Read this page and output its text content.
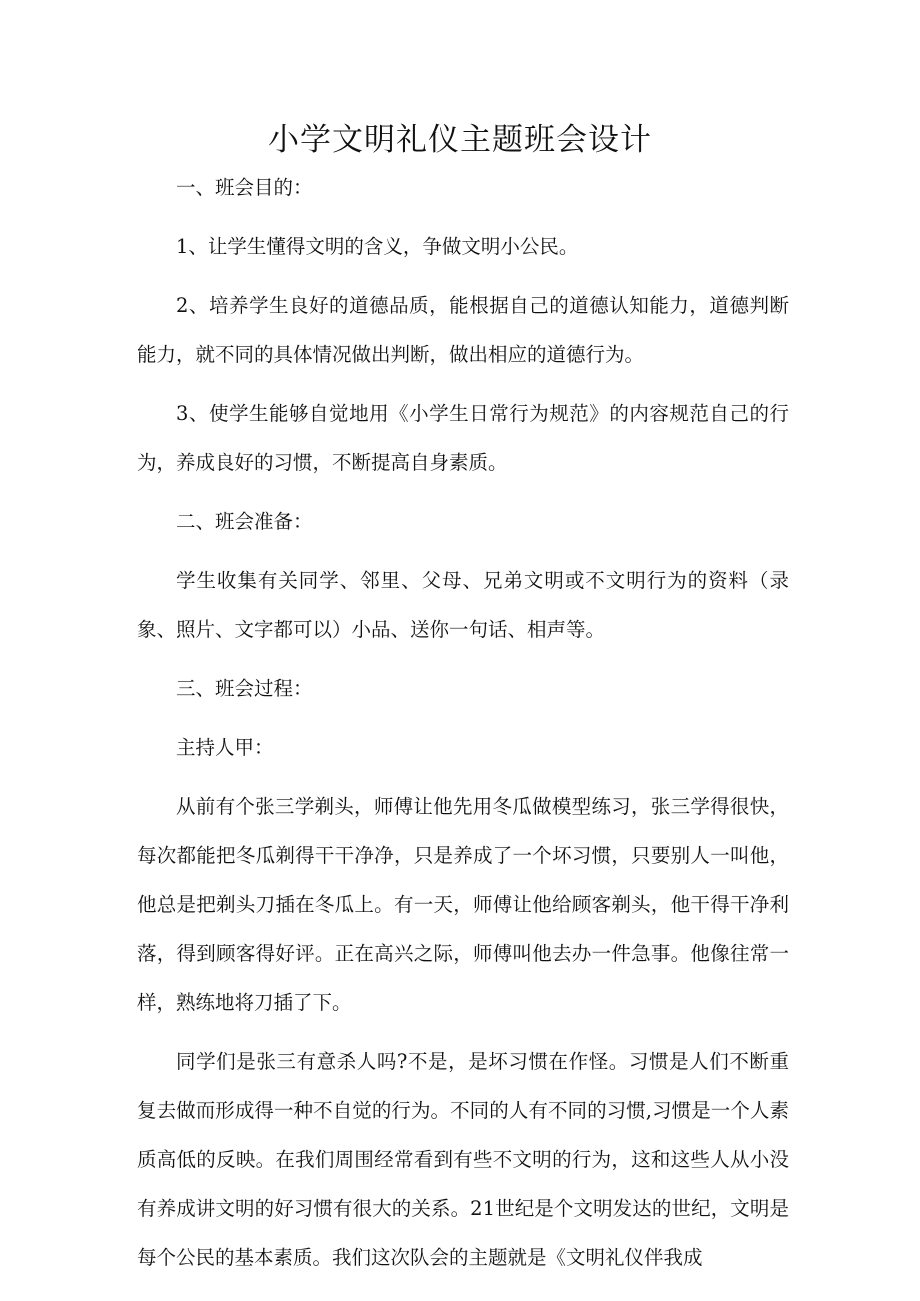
小学文明礼仪主题班会设计

一、班会目的：

1、让学生懂得文明的含义，争做文明小公民。

2、培养学生良好的道德品质，能根据自己的道德认知能力，道德判断能力，就不同的具体情况做出判断，做出相应的道德行为。

3、使学生能够自觉地用《小学生日常行为规范》的内容规范自己的行为，养成良好的习惯，不断提高自身素质。

二、班会准备：

学生收集有关同学、邻里、父母、兄弟文明或不文明行为的资料（录象、照片、文字都可以）小品、送你一句话、相声等。

三、班会过程：

主持人甲：

从前有个张三学剃头，师傅让他先用冬瓜做模型练习，张三学得很快，每次都能把冬瓜剃得干干净净，只是养成了一个坏习惯，只要别人一叫他，他总是把剃头刀插在冬瓜上。有一天，师傅让他给顾客剃头，他干得干净利落，得到顾客得好评。正在高兴之际，师傅叫他去办一件急事。他像往常一样，熟练地将刀插了下。

同学们是张三有意杀人吗?不是，是坏习惯在作怪。习惯是人们不断重复去做而形成得一种不自觉的行为。不同的人有不同的习惯,习惯是一个人素质高低的反映。在我们周围经常看到有些不文明的行为，这和这些人从小没有养成讲文明的好习惯有很大的关系。21世纪是个文明发达的世纪，文明是每个公民的基本素质。我们这次队会的主题就是《文明礼仪伴我成
